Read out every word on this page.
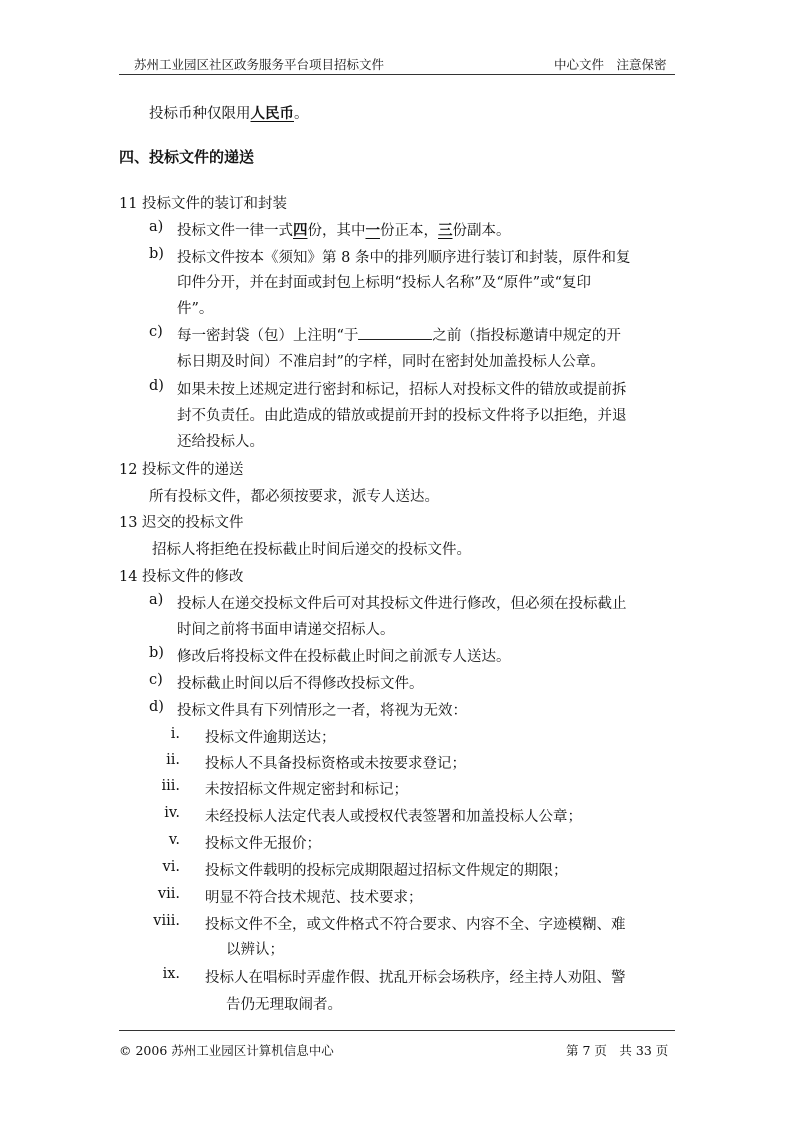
苏州工业园区社区政务服务平台项目招标文件	中心文件　注意保密
投标币种仅限用人民币。
四、投标文件的递送
11 投标文件的装订和封装
a) 投标文件一律一式四份，其中一份正本，三份副本。
b) 投标文件按本《须知》第 8 条中的排列顺序进行装订和封装，原件和复
印件分开，并在封面或封包上标明“投标人名称”及“原件”或“复印
件”。
c) 每一密封袋（包）上注明“于	之前（指投标邀请中规定的开
标日期及时间）不准启封”的字样，同时在密封处加盖投标人公章。
d) 如果未按上述规定进行密封和标记，招标人对投标文件的错放或提前拆
封不负责任。由此造成的错放或提前开封的投标文件将予以拒绝，并退
还给投标人。
12 投标文件的递送
所有投标文件，都必须按要求，派专人送达。
13 迟交的投标文件
招标人将拒绝在投标截止时间后递交的投标文件。
14 投标文件的修改
a) 投标人在递交投标文件后可对其投标文件进行修改，但必须在投标截止
时间之前将书面申请递交招标人。
b) 修改后将投标文件在投标截止时间之前派专人送达。
c) 投标截止时间以后不得修改投标文件。
d) 投标文件具有下列情形之一者，将视为无效：
i. 投标文件逾期送达；
ii. 投标人不具备投标资格或未按要求登记；
iii. 未按招标文件规定密封和标记；
iv. 未经投标人法定代表人或授权代表签署和加盖投标人公章；
v. 投标文件无报价；
vi. 投标文件载明的投标完成期限超过招标文件规定的期限；
vii. 明显不符合技术规范、技术要求；
viii. 投标文件不全，或文件格式不符合要求、内容不全、字迹模糊、难
以辨认；
ix. 投标人在唱标时弄虚作假、扰乱开标会场秩序，经主持人劝阻、警
告仍无理取闹者。
© 2006 苏州工业园区计算机信息中心	第 7 页　共 33 页
